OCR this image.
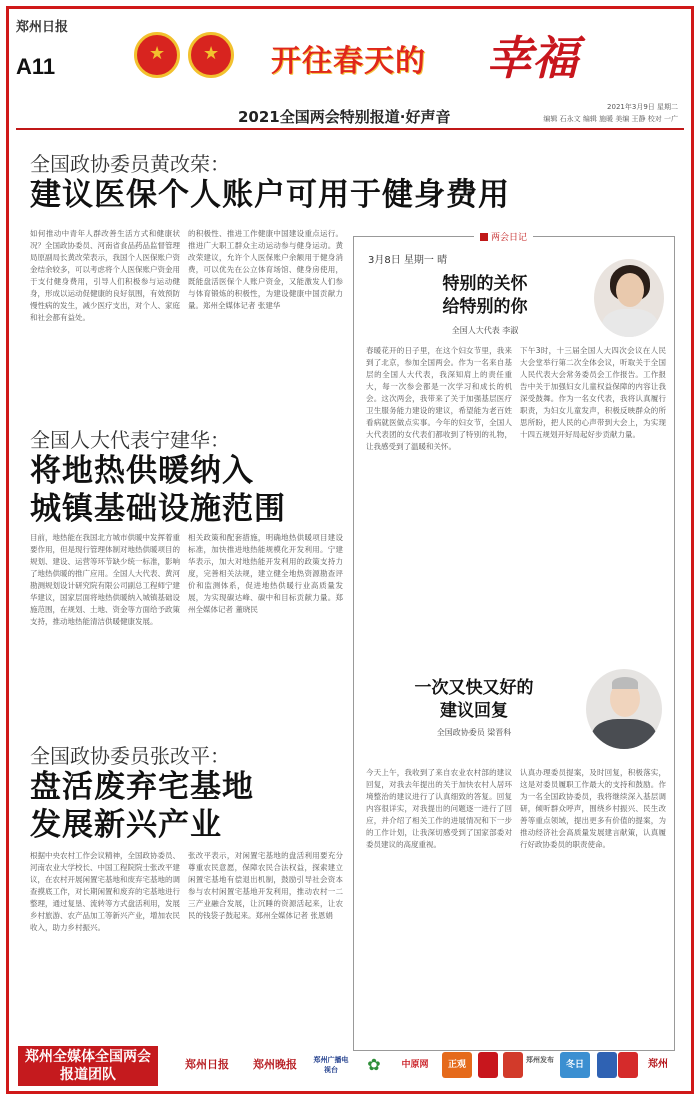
郑州日报
A11 ★ ★	开往春天的 幸福
2021全国两会特别报道·好声音
2021年3月9日 星期二
编辑 石永文 编辑 施暖 美编 王静 校对 一广
全国政协委员黄改荣：
建议医保个人账户可用于健身费用
如何推动中青年人群改善生活方式和健康状况？全国政协委员、河南省食品药品监督管理局原副局长黄改荣表示，我国个人医保账户资金结余较多，可以考虑将个人医保账户资金用于支付健身费用，引导人们积极参与运动健身，形成以运动促健康的良好氛围，有效预防慢性病的发生，减少医疗支出，对个人、家庭和社会都有益处。
的积极性、推进工作健康中国建设重点运行。推进广大职工群众主动运动参与健身运动。黄改荣建议，允许个人医保账户余额用于健身消费，可以优先在公立体育场馆、健身房使用，既能盘活医保个人账户资金，又能激发人们参与体育锻炼的积极性，为建设健康中国贡献力量。郑州全媒体记者 张建华
全国人大代表宁建华：
将地热供暖纳入
城镇基础设施范围
目前，地热能在我国北方城市供暖中发挥着重要作用，但是现行管理体制对地热供暖项目的规划、建设、运营等环节缺少统一标准，影响了地热供暖的推广应用。全国人大代表、黄河勘测规划设计研究院有限公司副总工程师宁建华建议，国家层面将地热供暖纳入城镇基础设施范围，在规划、土地、资金等方面给予政策支持，推动地热能清洁供暖健康发展。
相关政策和配套措施，明确地热供暖项目建设标准，加快推进地热能规模化开发利用。宁建华表示，加大对地热能开发利用的政策支持力度，完善相关法规，建立健全地热资源勘查评价和监测体系，促进地热供暖行业高质量发展，为实现碳达峰、碳中和目标贡献力量。郑州全媒体记者 董晓民
全国政协委员张改平：
盘活废弃宅基地
发展新兴产业
根据中央农村工作会议精神，全国政协委员、河南农业大学校长、中国工程院院士张改平建议，在农村开展闲置宅基地和废弃宅基地的调查摸底工作，对长期闲置和废弃的宅基地进行整理，通过复垦、流转等方式盘活利用，发展乡村旅游、农产品加工等新兴产业，增加农民收入，助力乡村振兴。
张改平表示，对闲置宅基地的盘活利用要充分尊重农民意愿，保障农民合法权益，探索建立闲置宅基地有偿退出机制，鼓励引导社会资本参与农村闲置宅基地开发利用，推动农村一二三产业融合发展，让沉睡的资源活起来，让农民的钱袋子鼓起来。郑州全媒体记者 张恩娟
两会日记
3月8日 星期一 晴
特别的关怀
给特别的你
全国人大代表 李淑
春暖花开的日子里，在这个妇女节里，我来到了北京，参加全国两会。作为一名来自基层的全国人大代表，我深知肩上的责任重大，每一次参会都是一次学习和成长的机会。这次两会，我带来了关于加强基层医疗卫生服务能力建设的建议，希望能为老百姓看病就医做点实事。今年的妇女节，全国人大代表团的女代表们都收到了特别的礼物，让我感受到了温暖和关怀。
下午3时，十三届全国人大四次会议在人民大会堂举行第二次全体会议，听取关于全国人民代表大会常务委员会工作报告。工作报告中关于加强妇女儿童权益保障的内容让我深受鼓舞。作为一名女代表，我将认真履行职责，为妇女儿童发声，积极反映群众的所思所盼，把人民的心声带到大会上，为实现十四五规划开好局起好步贡献力量。
一次又快又好的
建议回复
全国政协委员 梁晋科
今天上午，我收到了来自农业农村部的建议回复，对我去年提出的关于加快农村人居环境整治的建议进行了认真细致的答复。回复内容很详实，对我提出的问题逐一进行了回应，并介绍了相关工作的进展情况和下一步的工作计划，让我深切感受到了国家部委对委员建议的高度重视。
认真办理委员提案，及时回复，积极落实，这是对委员履职工作最大的支持和鼓励。作为一名全国政协委员，我将继续深入基层调研，倾听群众呼声，围绕乡村振兴、民生改善等重点领域，提出更多有价值的提案，为推动经济社会高质量发展建言献策，认真履行好政协委员的职责使命。
郑州全媒体全国两会
报道团队
郑州日报	郑州晚报	郑州广播电视台	中原网	正观	郑州发布	冬日	郑州
✿
